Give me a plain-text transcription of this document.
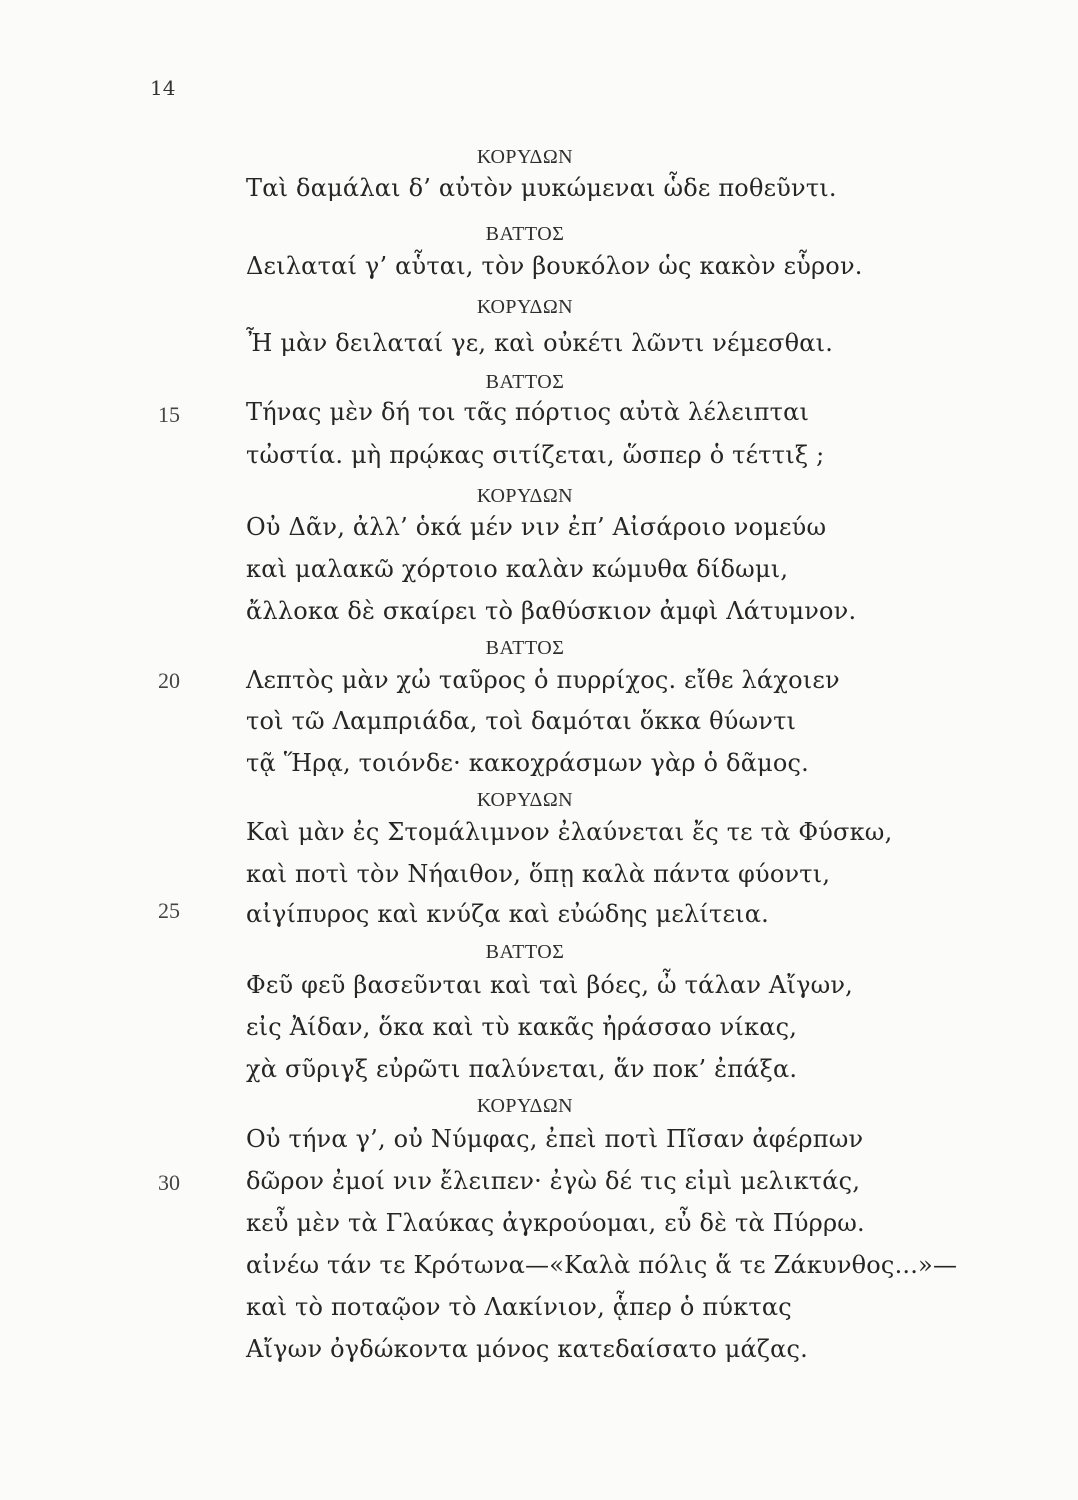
14
ΚΟΡΥΔΩΝ
Ταὶ δαμάλαι δ’ αὐτὸν μυκώμεναι ὧδε ποθεῦντι.
ΒΑΤΤΟΣ
Δειλαταί γ’ αὗται, τὸν βουκόλον ὡς κακὸν εὗρον.
ΚΟΡΥΔΩΝ
Ἦ μὰν δειλαταί γε, καὶ οὐκέτι λῶντι νέμεσθαι.
ΒΑΤΤΟΣ
15	Τήνας μὲν δή τοι τᾶς πόρτιος αὐτὰ λέλειπται
τὠστία. μὴ πρῴκας σιτίζεται, ὥσπερ ὁ τέττιξ ;
ΚΟΡΥΔΩΝ
Οὐ Δᾶν, ἀλλ’ ὁκά μέν νιν ἐπ’ Αἰσάροιο νομεύω
καὶ μαλακῶ χόρτοιο καλὰν κώμυθα δίδωμι,
ἄλλοκα δὲ σκαίρει τὸ βαθύσκιον ἀμφὶ Λάτυμνον.
ΒΑΤΤΟΣ
20	Λεπτὸς μὰν χὠ ταῦρος ὁ πυρρίχος. εἴθε λάχοιεν
τοὶ τῶ Λαμπριάδα, τοὶ δαμόται ὅκκα θύωντι
τᾷ Ἥρᾳ, τοιόνδε· κακοχράσμων γὰρ ὁ δᾶμος.
ΚΟΡΥΔΩΝ
Καὶ μὰν ἐς Στομάλιμνον ἐλαύνεται ἔς τε τὰ Φύσκω,
καὶ ποτὶ τὸν Νήαιθον, ὅπῃ καλὰ πάντα φύοντι,
25	αἰγίπυρος καὶ κνύζα καὶ εὐώδης μελίτεια.
ΒΑΤΤΟΣ
Φεῦ φεῦ βασεῦνται καὶ ταὶ βόες, ὦ τάλαν Αἴγων,
εἰς Ἀίδαν, ὅκα καὶ τὺ κακᾶς ἠράσσαο νίκας,
χὰ σῦριγξ εὐρῶτι παλύνεται, ἅν ποκ’ ἐπάξα.
ΚΟΡΥΔΩΝ
Οὐ τήνα γ’, οὐ Νύμφας, ἐπεὶ ποτὶ Πῖσαν ἀφέρπων
30	δῶρον ἐμοί νιν ἔλειπεν· ἐγὼ δέ τις εἰμὶ μελικτάς,
κεὖ μὲν τὰ Γλαύκας ἀγκρούομαι, εὖ δὲ τὰ Πύρρω.
αἰνέω τάν τε Κρότωνα—«Καλὰ πόλις ἅ τε Ζάκυνθος...»—
καὶ τὸ ποταῷον τὸ Λακίνιον, ᾇπερ ὁ πύκτας
Αἴγων ὀγδώκοντα μόνος κατεδαίσατο μάζας.
